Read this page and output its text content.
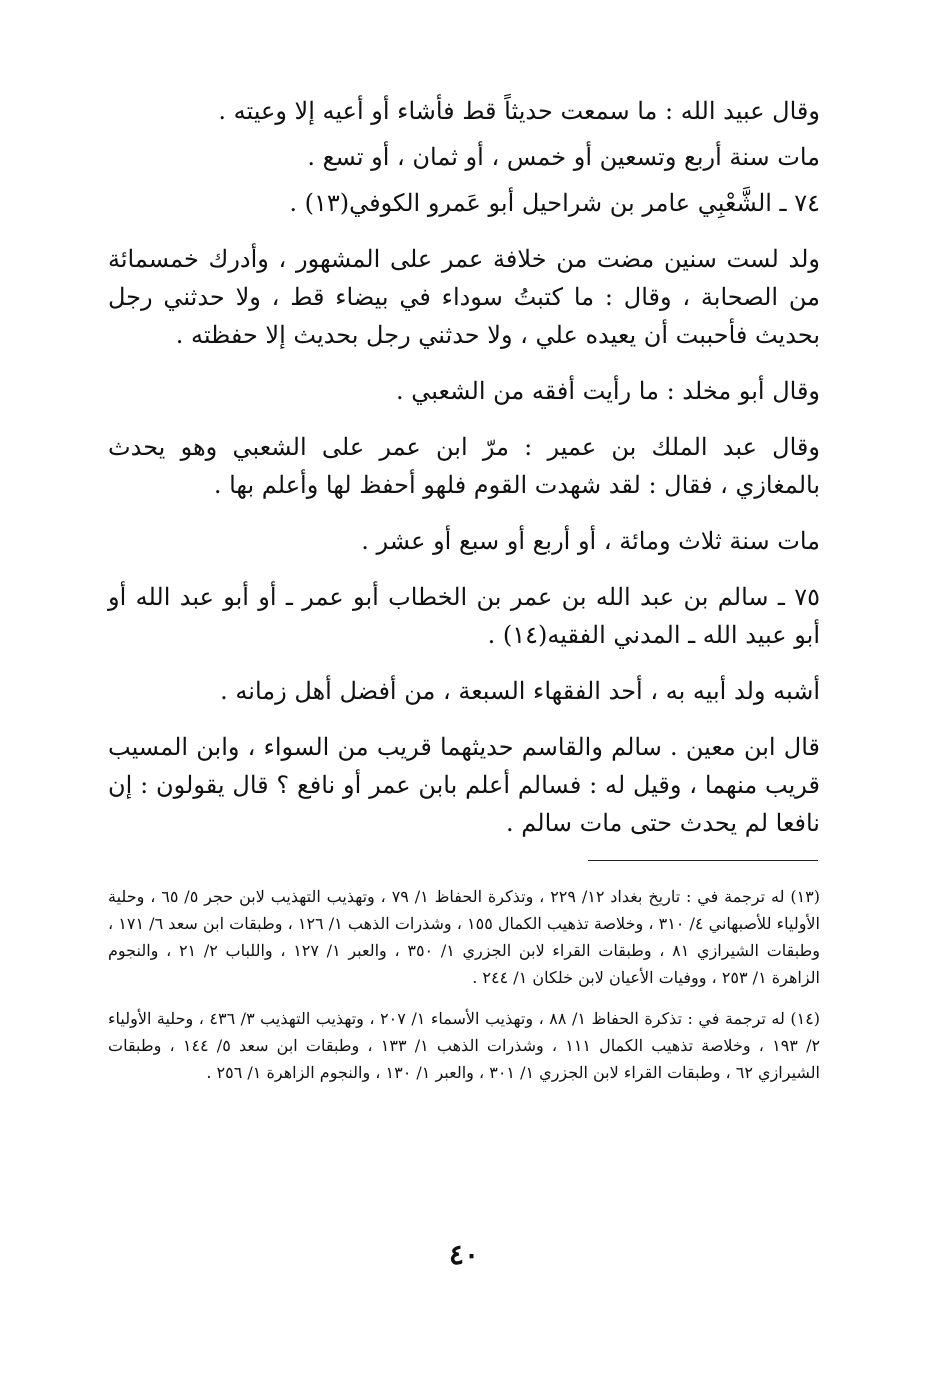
وقال عبيد الله : ما سمعت حديثاً قط فأشاء أو أعيه إلا وعيته .

مات سنة أربع وتسعين أو خمس ، أو ثمان ، أو تسع .

٧٤ ـ الشَّعْبِي عامر بن شراحيل أبو عَمرو الكوفي(١٣) .

ولد لست سنين مضت من خلافة عمر على المشهور ، وأدرك خمسمائة من الصحابة ، وقال : ما كتبتُ سوداء في بيضاء قط ، ولا حدثني رجل بحديث فأحببت أن يعيده علي ، ولا حدثني رجل بحديث إلا حفظته .

وقال أبو مخلد : ما رأيت أفقه من الشعبي .

وقال عبد الملك بن عمير : مرّ ابن عمر على الشعبي وهو يحدث بالمغازي ، فقال : لقد شهدت القوم فلهو أحفظ لها وأعلم بها .

مات سنة ثلاث ومائة ، أو أربع أو سبع أو عشر .

٧٥ ـ سالم بن عبد الله بن عمر بن الخطاب أبو عمر ـ أو أبو عبد الله أو أبو عبيد الله ـ المدني الفقيه(١٤) .

أشبه ولد أبيه به ، أحد الفقهاء السبعة ، من أفضل أهل زمانه .

قال ابن معين . سالم والقاسم حديثهما قريب من السواء ، وابن المسيب قريب منهما ، وقيل له : فسالم أعلم بابن عمر أو نافع ؟ قال يقولون : إن نافعا لم يحدث حتى مات سالم .

(١٣) له ترجمة في : تاريخ بغداد ١٢/ ٢٢٩ ، وتذكرة الحفاظ ١/ ٧٩ ، وتهذيب التهذيب لابن حجر ٥/ ٦٥ ، وحلية الأولياء للأصبهاني ٤/ ٣١٠ ، وخلاصة تذهيب الكمال ١٥٥ ، وشذرات الذهب ١/ ١٢٦ ، وطبقات ابن سعد ٦/ ١٧١ ، وطبقات الشيرازي ٨١ ، وطبقات القراء لابن الجزري ١/ ٣٥٠ ، والعبر ١/ ١٢٧ ، واللباب ٢/ ٢١ ، والنجوم الزاهرة ١/ ٢٥٣ ، ووفيات الأعيان لابن خلكان ١/ ٢٤٤ .

(١٤) له ترجمة في : تذكرة الحفاظ ١/ ٨٨ ، وتهذيب الأسماء ١/ ٢٠٧ ، وتهذيب التهذيب ٣/ ٤٣٦ ، وحلية الأولياء ٢/ ١٩٣ ، وخلاصة تذهيب الكمال ١١١ ، وشذرات الذهب ١/ ١٣٣ ، وطبقات ابن سعد ٥/ ١٤٤ ، وطبقات الشيرازي ٦٢ ، وطبقات القراء لابن الجزري ١/ ٣٠١ ، والعبر ١/ ١٣٠ ، والنجوم الزاهرة ١/ ٢٥٦ .

٤٠
